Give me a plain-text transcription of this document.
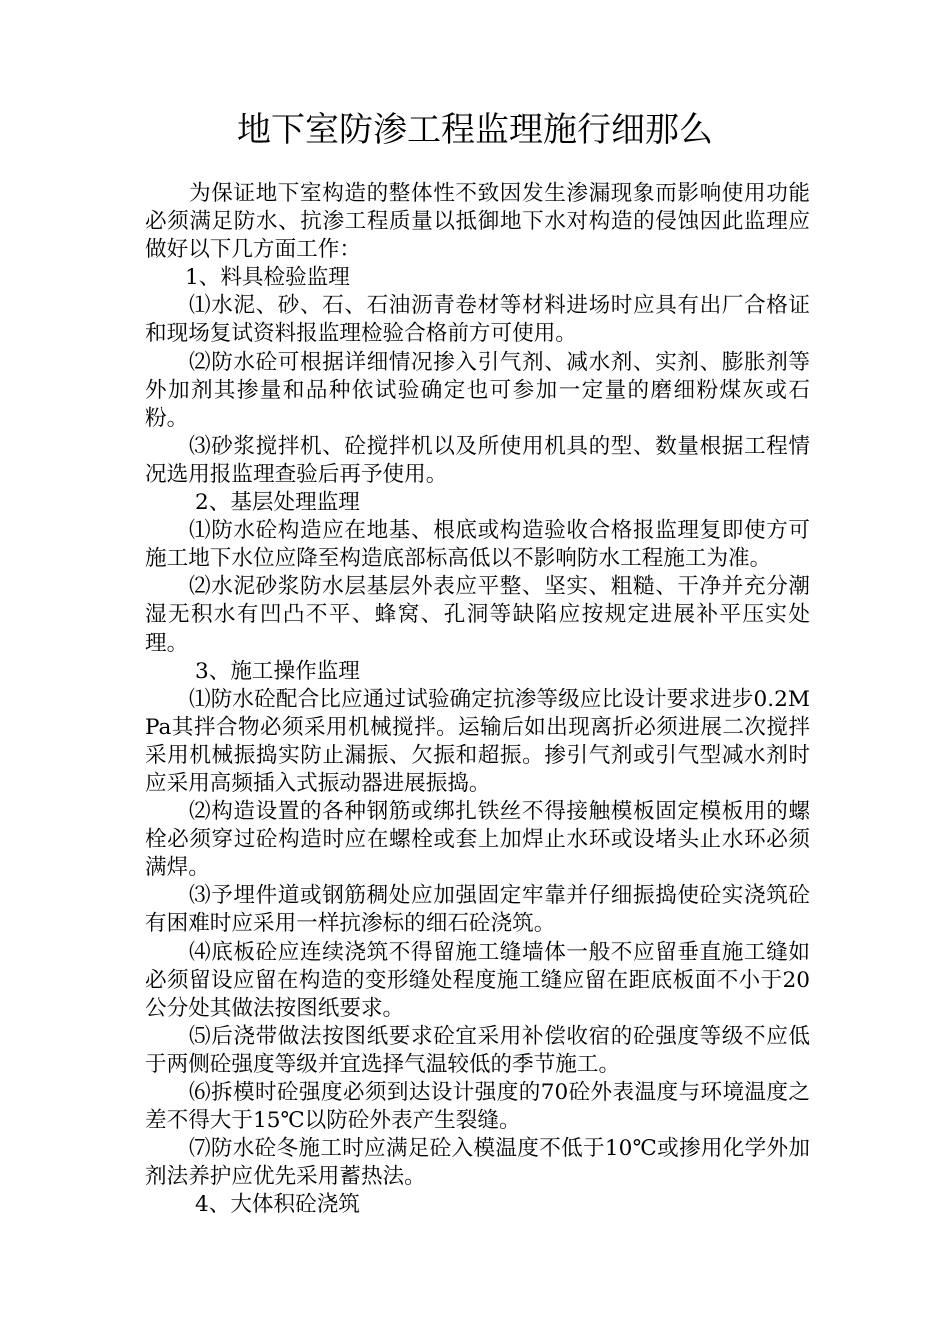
地下室防渗工程监理施行细那么

为保证地下室构造的整体性不致因发生渗漏现象而影响使用功能必须满足防水、抗渗工程质量以抵御地下水对构造的侵蚀因此监理应做好以下几方面工作：

1、料具检验监理

⑴水泥、砂、石、石油沥青卷材等材料进场时应具有出厂合格证和现场复试资料报监理检验合格前方可使用。

⑵防水砼可根据详细情况掺入引气剂、减水剂、实剂、膨胀剂等外加剂其掺量和品种依试验确定也可参加一定量的磨细粉煤灰或石粉。

⑶砂浆搅拌机、砼搅拌机以及所使用机具的型、数量根据工程情况选用报监理查验后再予使用。

2、基层处理监理

⑴防水砼构造应在地基、根底或构造验收合格报监理复即使方可施工地下水位应降至构造底部标高低以不影响防水工程施工为准。

⑵水泥砂浆防水层基层外表应平整、坚实、粗糙、干净并充分潮湿无积水有凹凸不平、蜂窝、孔洞等缺陷应按规定进展补平压实处理。

3、施工操作监理

⑴防水砼配合比应通过试验确定抗渗等级应比设计要求进步0.2MPa其拌合物必须采用机械搅拌。运输后如出现离折必须进展二次搅拌采用机械振捣实防止漏振、欠振和超振。掺引气剂或引气型减水剂时应采用高频插入式振动器进展振捣。

⑵构造设置的各种钢筋或绑扎铁丝不得接触模板固定模板用的螺栓必须穿过砼构造时应在螺栓或套上加焊止水环或设堵头止水环必须满焊。

⑶予埋件道或钢筋稠处应加强固定牢靠并仔细振捣使砼实浇筑砼有困难时应采用一样抗渗标的细石砼浇筑。

⑷底板砼应连续浇筑不得留施工缝墙体一般不应留垂直施工缝如必须留设应留在构造的变形缝处程度施工缝应留在距底板面不小于20公分处其做法按图纸要求。

⑸后浇带做法按图纸要求砼宜采用补偿收宿的砼强度等级不应低于两侧砼强度等级并宜选择气温较低的季节施工。

⑹拆模时砼强度必须到达设计强度的70砼外表温度与环境温度之差不得大于15℃以防砼外表产生裂缝。

⑺防水砼冬施工时应满足砼入模温度不低于10℃或掺用化学外加剂法养护应优先采用蓄热法。

4、大体积砼浇筑
